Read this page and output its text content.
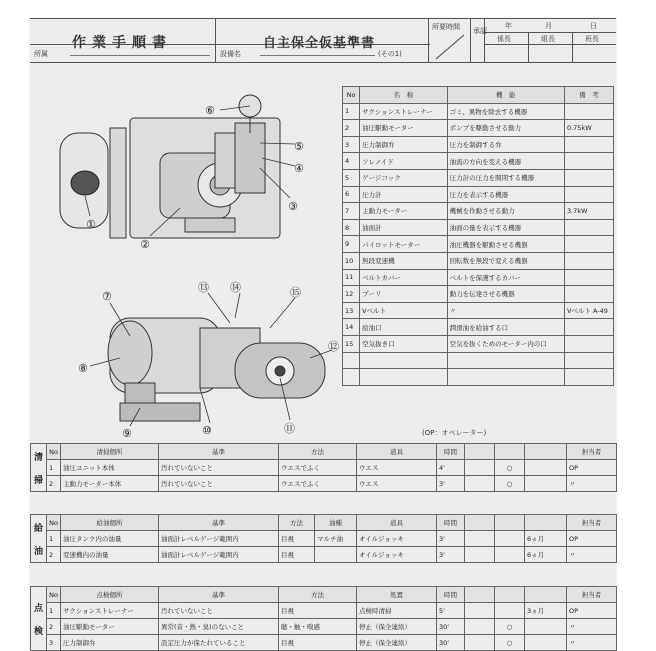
作業手順書	自主保全仮基準書
所要時間 承認
年	月	日
係長	組長	班長
所属	設備名	(その1)
①
②
③
④
⑤
⑥
⑦
⑧
⑨	⑩	⑪
⑫
⑬ ⑭	⑮
No	名　称	機　能	備　考
1	サクションストレーナー	ゴミ、異物を除去する機器	
2	油圧駆動モーター	ポンプを駆動させる動力	0.75kW
3	圧力制御弁	圧力を制御する弁	
4	ソレノイド	油流の方向を変える機器	
5	ゲージコック	圧力計の圧力を開閉する機器	
6	圧力計	圧力を表示する機器	
7	主動力モーター	機械を作動させる動力	3.7kW
8	油面計	油面の量を表示する機器	
9	パイロットモーター	油圧機器を駆動させる機器	
10	無段変速機	回転数を無段で変える機器	
11	ベルトカバー	ベルトを保護するカバー	
12	プーリ	動力を伝達させる機器	
13	Vベルト	〃	Vベルト A-49
14	給油口	潤滑油を給油する口	
15	空気抜き口	空気を抜くためのモーター内の口	

(OP：オペレーター)
清

掃	No	清掃個所	基準	方法	道具	時間				担当者
	1	油圧ユニット本体	汚れていないこと	ウエスでふく	ウエス	4'		○		OP
	2	主動力モーター本体	汚れていないこと	ウエスでふく	ウエス	3'		○		〃
給

油	No	給油個所	基準	方法	油種	道具	時間				担当者
	1	油圧タンク内の油量	油面計レベルゲージ範囲内	目視	マルチ油	オイルジョッキ	3'			6ヵ月	OP
	2	変速機内の油量	油面計レベルゲージ範囲内	目視		オイルジョッキ	3'			6ヵ月	〃
点

検	No	点検個所	基準	方法	処置	時間				担当者
	1	サクションストレーナー	汚れていないこと	目視	点検時清掃	5'			3ヵ月	OP
	2	油圧駆動モーター	異常(音・熱・臭)のないこと	聴・触・嗅感	停止（保全連絡）	30'		○		〃
	3	圧力制御弁	設定圧力が保たれていること	目視	停止（保全連絡）	30'		○		〃
